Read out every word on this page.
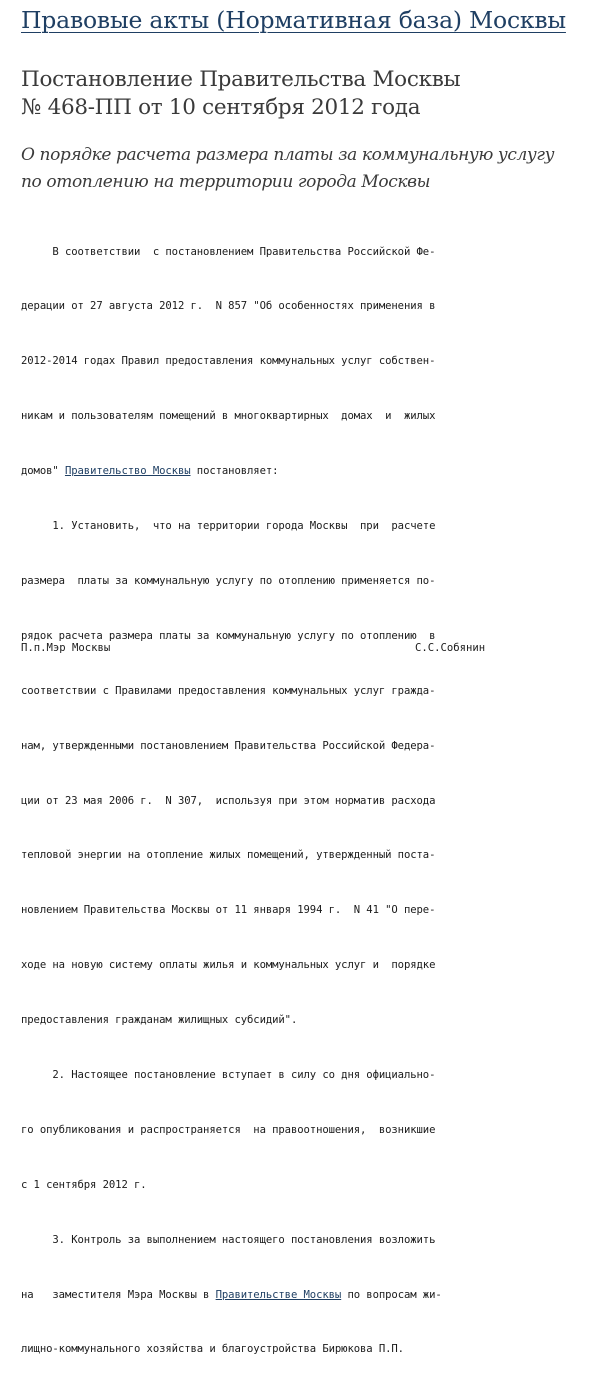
Правовые акты (Нормативная база) Москвы
Постановление Правительства Москвы
№ 468-ПП от 10 сентября 2012 года
О порядке расчета размера платы за коммунальную услугу
по отоплению на территории города Москвы

В соответствии  с постановлением Правительства Российской Фе-

дерации от 27 августа 2012 г.  N 857 "Об особенностях применения в

2012-2014 годах Правил предоставления коммунальных услуг собствен-

никам и пользователям помещений в многоквартирных  домах  и  жилых

домов" Правительство Москвы постановляет:

1. Установить,  что на территории города Москвы  при  расчете

размера  платы за коммунальную услугу по отоплению применяется по-

рядок расчета размера платы за коммунальную услугу по отоплению  в

соответствии с Правилами предоставления коммунальных услуг гражда-

нам, утвержденными постановлением Правительства Российской Федера-

ции от 23 мая 2006 г.  N 307,  используя при этом норматив расхода

тепловой энергии на отопление жилых помещений, утвержденный поста-

новлением Правительства Москвы от 11 января 1994 г.  N 41 "О пере-

ходе на новую систему оплаты жилья и коммунальных услуг и  порядке

предоставления гражданам жилищных субсидий".

2. Настоящее постановление вступает в силу со дня официально-

го опубликования и распространяется  на правоотношения,  возникшие

с 1 сентября 2012 г.

3. Контроль за выполнением настоящего постановления возложить

на   заместителя Мэра Москвы в Правительстве Москвы по вопросам жи-

лищно-коммунального хозяйства и благоустройства Бирюкова П.П.

П.п.Мэр Москвы	С.С.Собянин
